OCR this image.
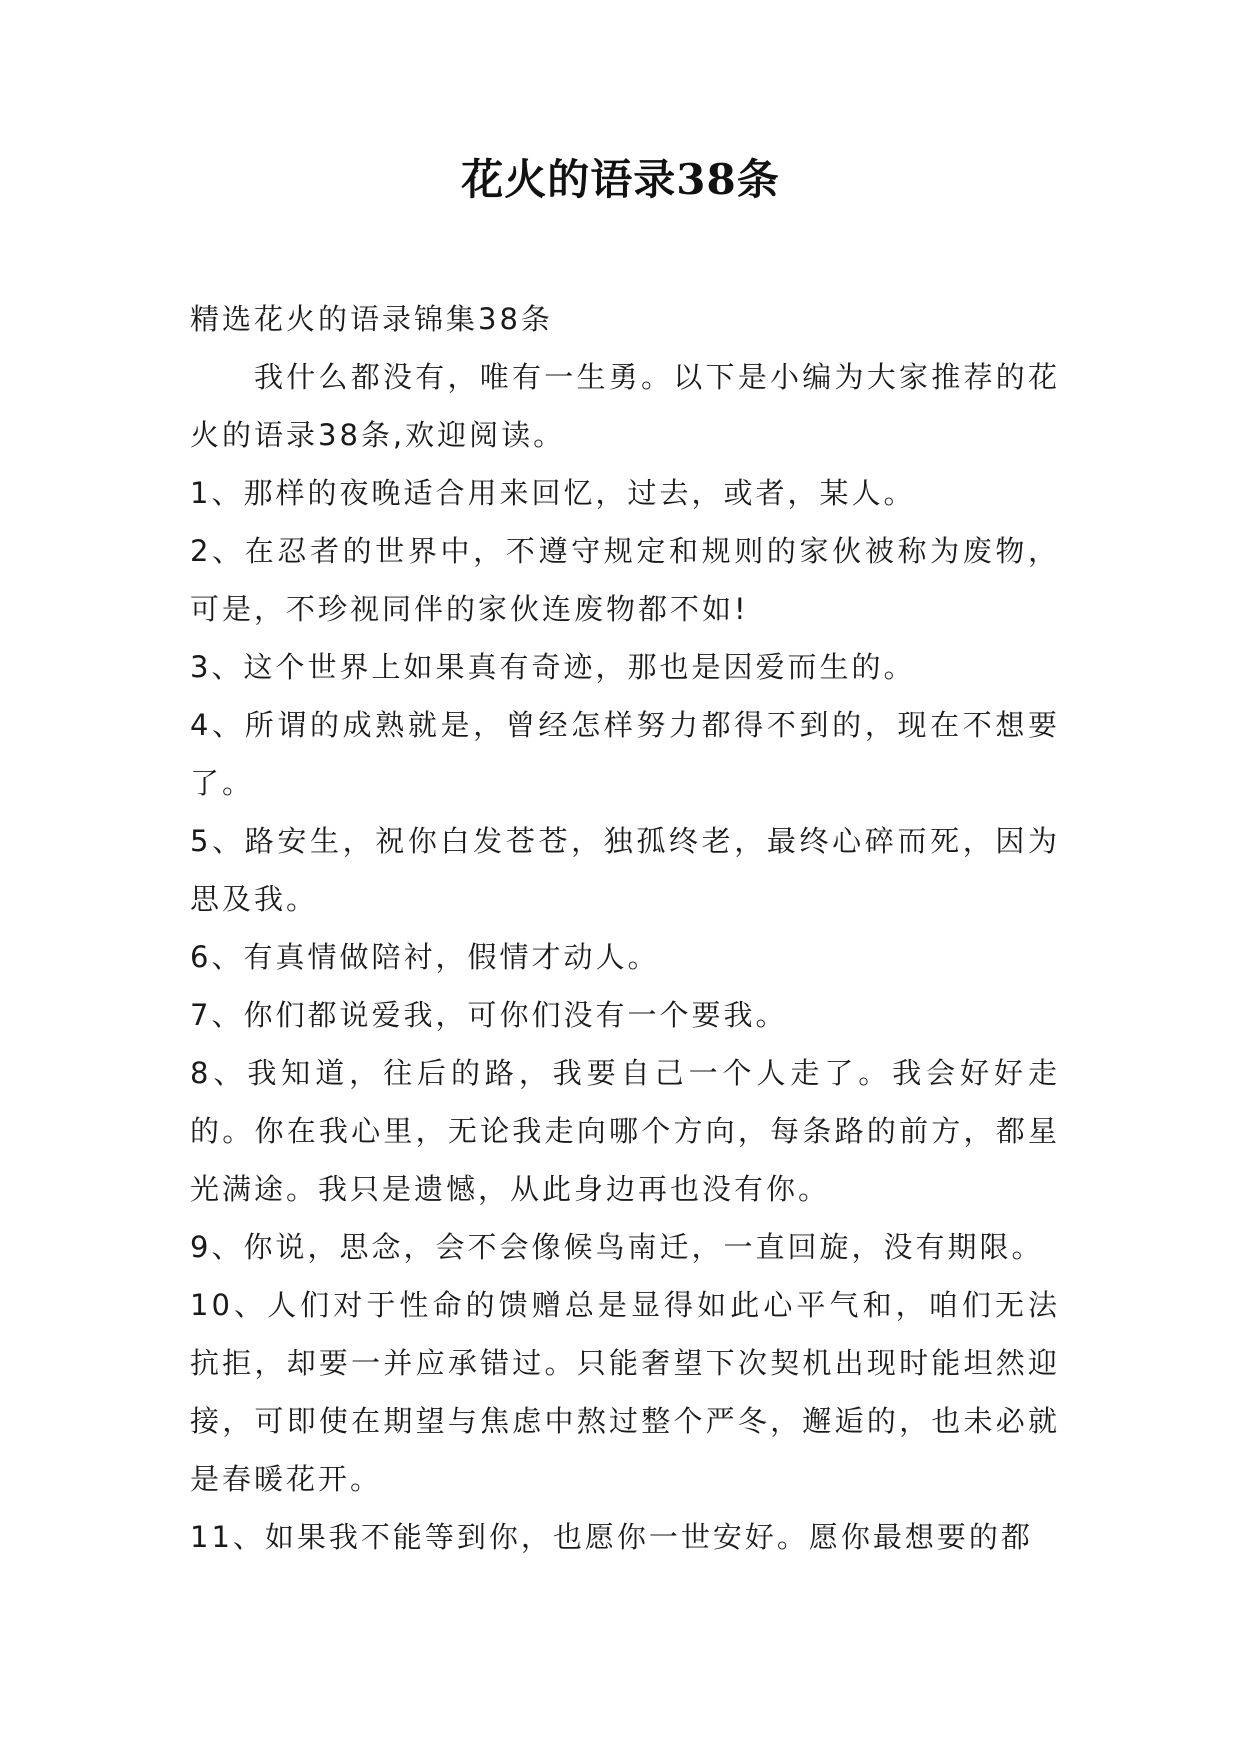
花火的语录38条

精选花火的语录锦集38条

我什么都没有，唯有一生勇。以下是小编为大家推荐的花火的语录38条,欢迎阅读。

1、那样的夜晚适合用来回忆，过去，或者，某人。

2、在忍者的世界中，不遵守规定和规则的家伙被称为废物，可是，不珍视同伴的家伙连废物都不如!

3、这个世界上如果真有奇迹，那也是因爱而生的。

4、所谓的成熟就是，曾经怎样努力都得不到的，现在不想要了。

5、路安生，祝你白发苍苍，独孤终老，最终心碎而死，因为思及我。

6、有真情做陪衬，假情才动人。

7、你们都说爱我，可你们没有一个要我。

8、我知道，往后的路，我要自己一个人走了。我会好好走的。你在我心里，无论我走向哪个方向，每条路的前方，都星光满途。我只是遗憾，从此身边再也没有你。

9、你说，思念，会不会像候鸟南迁，一直回旋，没有期限。

10、人们对于性命的馈赠总是显得如此心平气和，咱们无法抗拒，却要一并应承错过。只能奢望下次契机出现时能坦然迎接，可即使在期望与焦虑中熬过整个严冬，邂逅的，也未必就是春暖花开。

11、如果我不能等到你，也愿你一世安好。愿你最想要的都
